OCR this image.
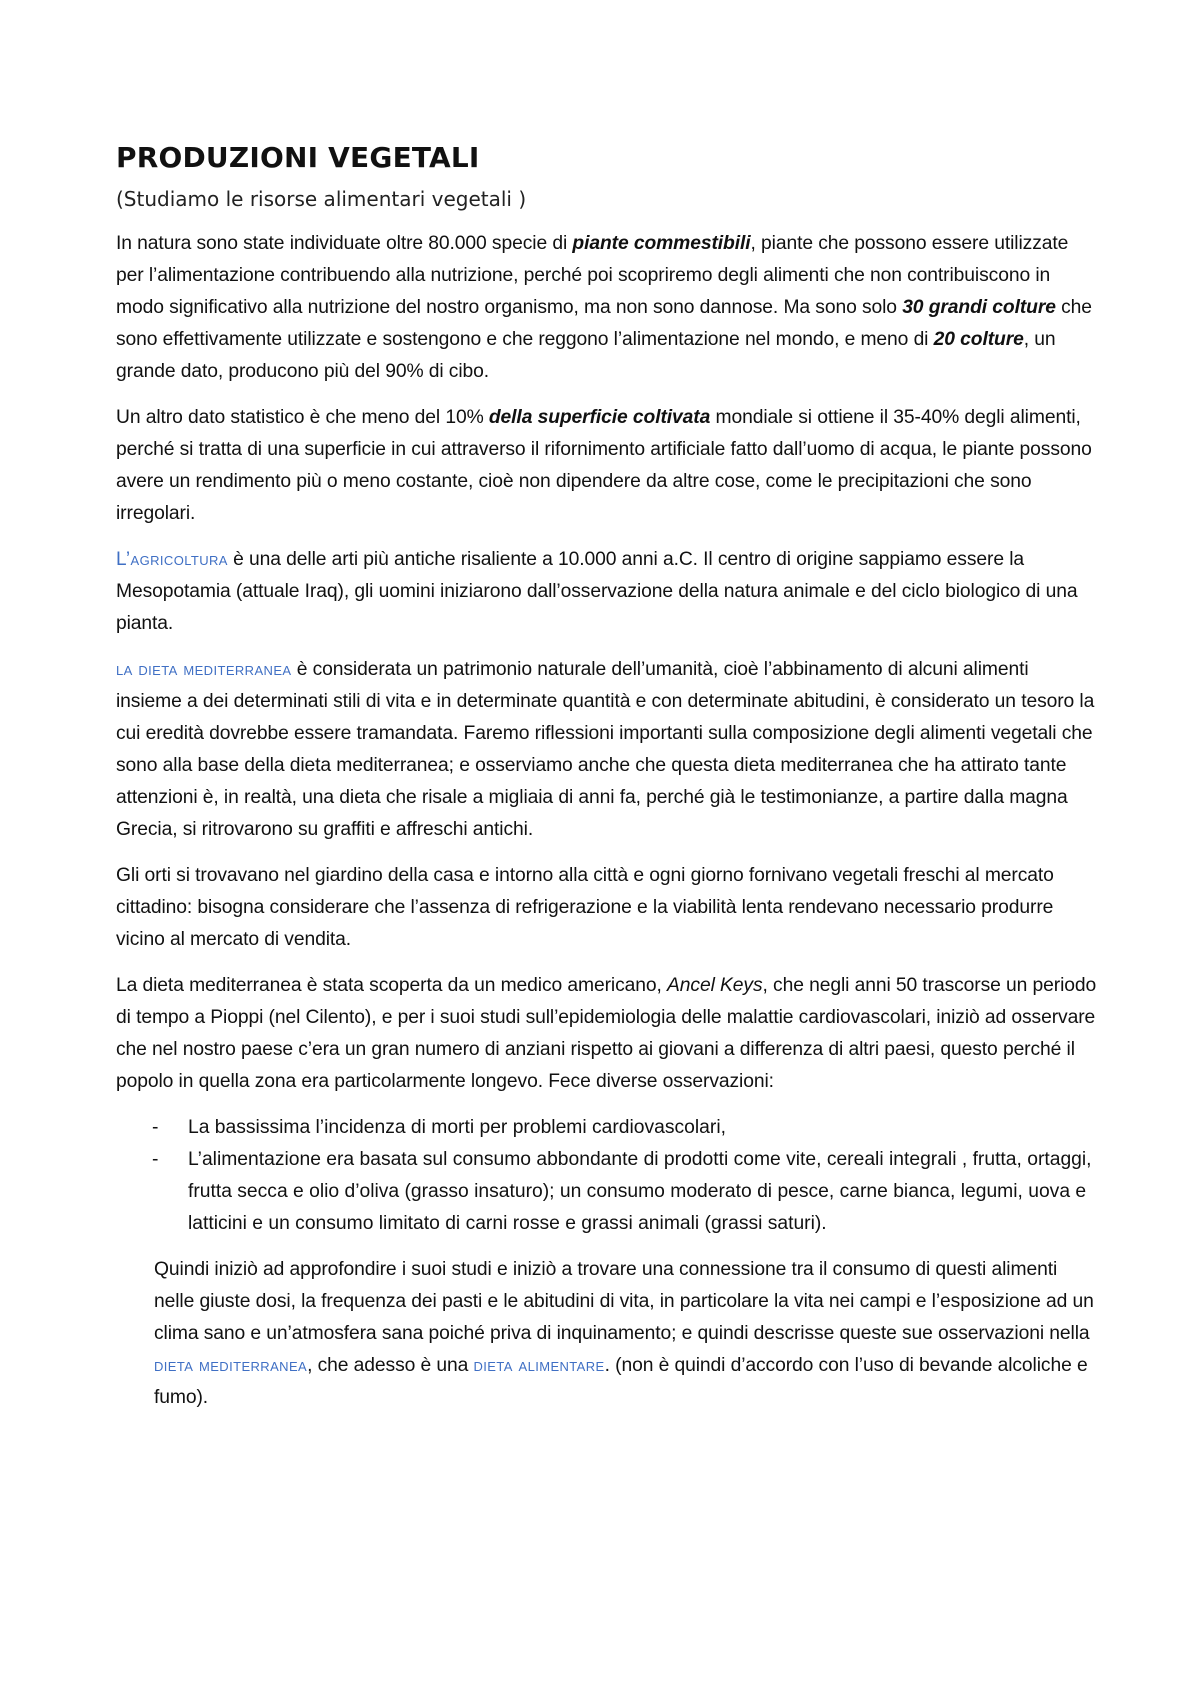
PRODUZIONI VEGETALI
(Studiamo le risorse alimentari vegetali )

In natura sono state individuate oltre 80.000 specie di piante commestibili, piante che possono essere utilizzate per l’alimentazione contribuendo alla nutrizione, perché poi scopriremo degli alimenti che non contribuiscono in modo significativo alla nutrizione del nostro organismo, ma non sono dannose. Ma sono solo 30 grandi colture che sono effettivamente utilizzate e sostengono e che reggono l’alimentazione nel mondo, e meno di 20 colture, un grande dato, producono più del 90% di cibo.

Un altro dato statistico è che meno del 10% della superficie coltivata mondiale si ottiene il 35-40% degli alimenti, perché si tratta di una superficie in cui attraverso il rifornimento artificiale fatto dall’uomo di acqua, le piante possono avere un rendimento più o meno costante, cioè non dipendere da altre cose, come le precipitazioni che sono irregolari.

L’agricoltura è una delle arti più antiche risaliente a 10.000 anni a.C. Il centro di origine sappiamo essere la Mesopotamia (attuale Iraq), gli uomini iniziarono dall’osservazione della natura animale e del ciclo biologico di una pianta.

la dieta mediterranea è considerata un patrimonio naturale dell’umanità, cioè l’abbinamento di alcuni alimenti insieme a dei determinati stili di vita e in determinate quantità e con determinate abitudini, è considerato un tesoro la cui eredità dovrebbe essere tramandata. Faremo riflessioni importanti sulla composizione degli alimenti vegetali che sono alla base della dieta mediterranea; e osserviamo anche che questa dieta mediterranea che ha attirato tante attenzioni è, in realtà, una dieta che risale a migliaia di anni fa, perché già le testimonianze, a partire dalla magna Grecia, si ritrovarono su graffiti e affreschi antichi.

Gli orti si trovavano nel giardino della casa e intorno alla città e ogni giorno fornivano vegetali freschi al mercato cittadino: bisogna considerare che l’assenza di refrigerazione e la viabilità lenta rendevano necessario produrre vicino al mercato di vendita.

La dieta mediterranea è stata scoperta da un medico americano, Ancel Keys, che negli anni 50 trascorse un periodo di tempo a Pioppi (nel Cilento), e per i suoi studi sull’epidemiologia delle malattie cardiovascolari, iniziò ad osservare che nel nostro paese c’era un gran numero di anziani rispetto ai giovani a differenza di altri paesi, questo perché il popolo in quella zona era particolarmente longevo. Fece diverse osservazioni:

- La bassissima l’incidenza di morti per problemi cardiovascolari,
- L’alimentazione era basata sul consumo abbondante di prodotti come vite, cereali integrali , frutta, ortaggi, frutta secca e olio d’oliva (grasso insaturo); un consumo moderato di pesce, carne bianca, legumi, uova e latticini e un consumo limitato di carni rosse e grassi animali (grassi saturi).

Quindi iniziò ad approfondire i suoi studi e iniziò a trovare una connessione tra il consumo di questi alimenti nelle giuste dosi, la frequenza dei pasti e le abitudini di vita, in particolare la vita nei campi e l’esposizione ad un clima sano e un’atmosfera sana poiché priva di inquinamento; e quindi descrisse queste sue osservazioni nella dieta mediterranea, che adesso è una dieta alimentare. (non è quindi d’accordo con l’uso di bevande alcoliche e fumo).
